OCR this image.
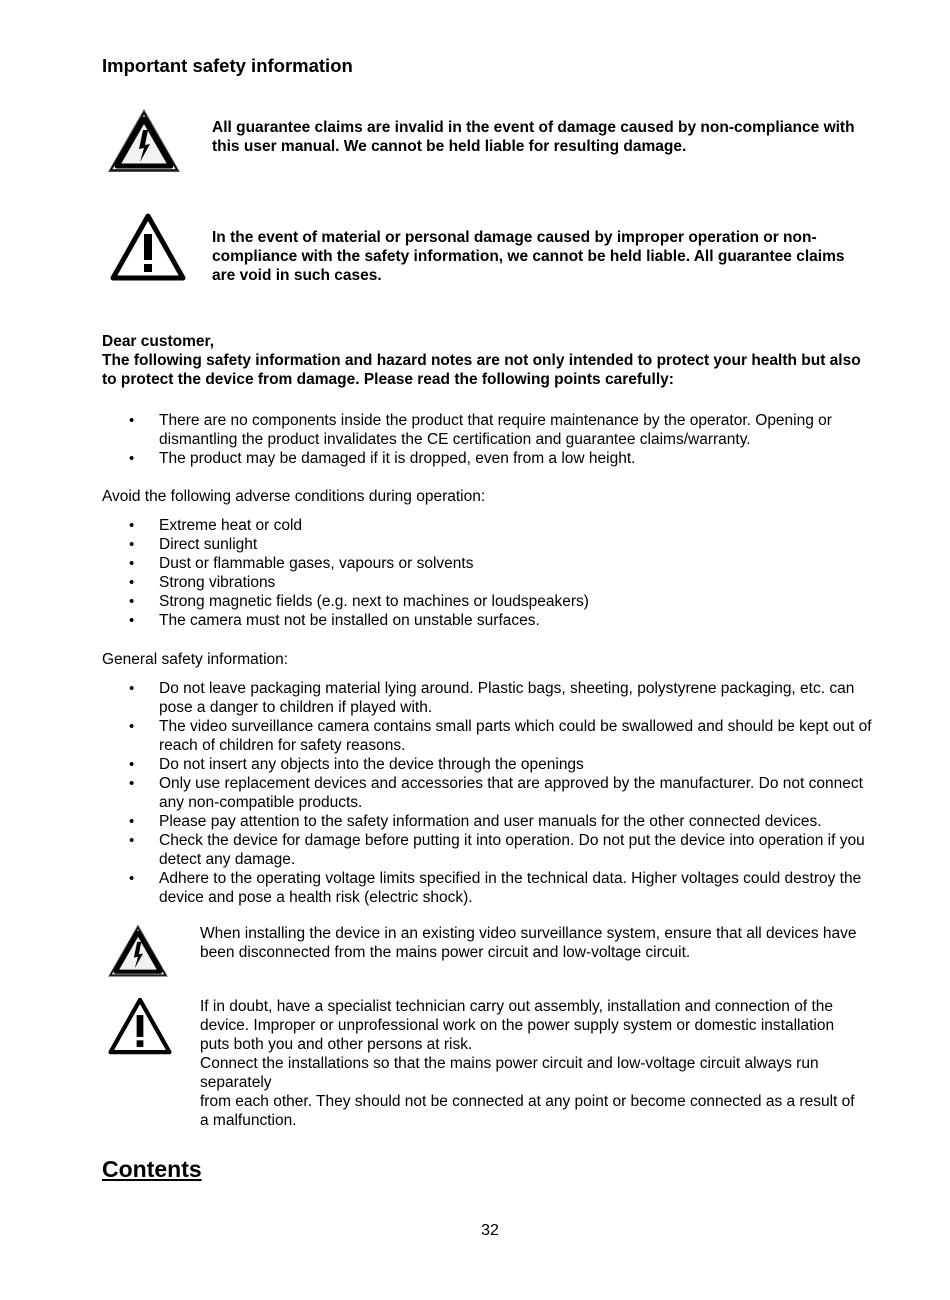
Important safety information
All guarantee claims are invalid in the event of damage caused by non-compliance with this user manual. We cannot be held liable for resulting damage.
In the event of material or personal damage caused by improper operation or non-compliance with the safety information, we cannot be held liable. All guarantee claims are void in such cases.
Dear customer,
The following safety information and hazard notes are not only intended to protect your health but also to protect the device from damage. Please read the following points carefully:
• There are no components inside the product that require maintenance by the operator. Opening or dismantling the product invalidates the CE certification and guarantee claims/warranty.
• The product may be damaged if it is dropped, even from a low height.
Avoid the following adverse conditions during operation:
• Extreme heat or cold
• Direct sunlight
• Dust or flammable gases, vapours or solvents
• Strong vibrations
• Strong magnetic fields (e.g. next to machines or loudspeakers)
• The camera must not be installed on unstable surfaces.
General safety information:
• Do not leave packaging material lying around. Plastic bags, sheeting, polystyrene packaging, etc. can pose a danger to children if played with.
• The video surveillance camera contains small parts which could be swallowed and should be kept out of reach of children for safety reasons.
• Do not insert any objects into the device through the openings
• Only use replacement devices and accessories that are approved by the manufacturer. Do not connect any non-compatible products.
• Please pay attention to the safety information and user manuals for the other connected devices.
• Check the device for damage before putting it into operation. Do not put the device into operation if you detect any damage.
• Adhere to the operating voltage limits specified in the technical data. Higher voltages could destroy the device and pose a health risk (electric shock).
When installing the device in an existing video surveillance system, ensure that all devices have been disconnected from the mains power circuit and low-voltage circuit.
If in doubt, have a specialist technician carry out assembly, installation and connection of the device. Improper or unprofessional work on the power supply system or domestic installation puts both you and other persons at risk.
Connect the installations so that the mains power circuit and low-voltage circuit always run separately
from each other. They should not be connected at any point or become connected as a result of a malfunction.
Contents
32
